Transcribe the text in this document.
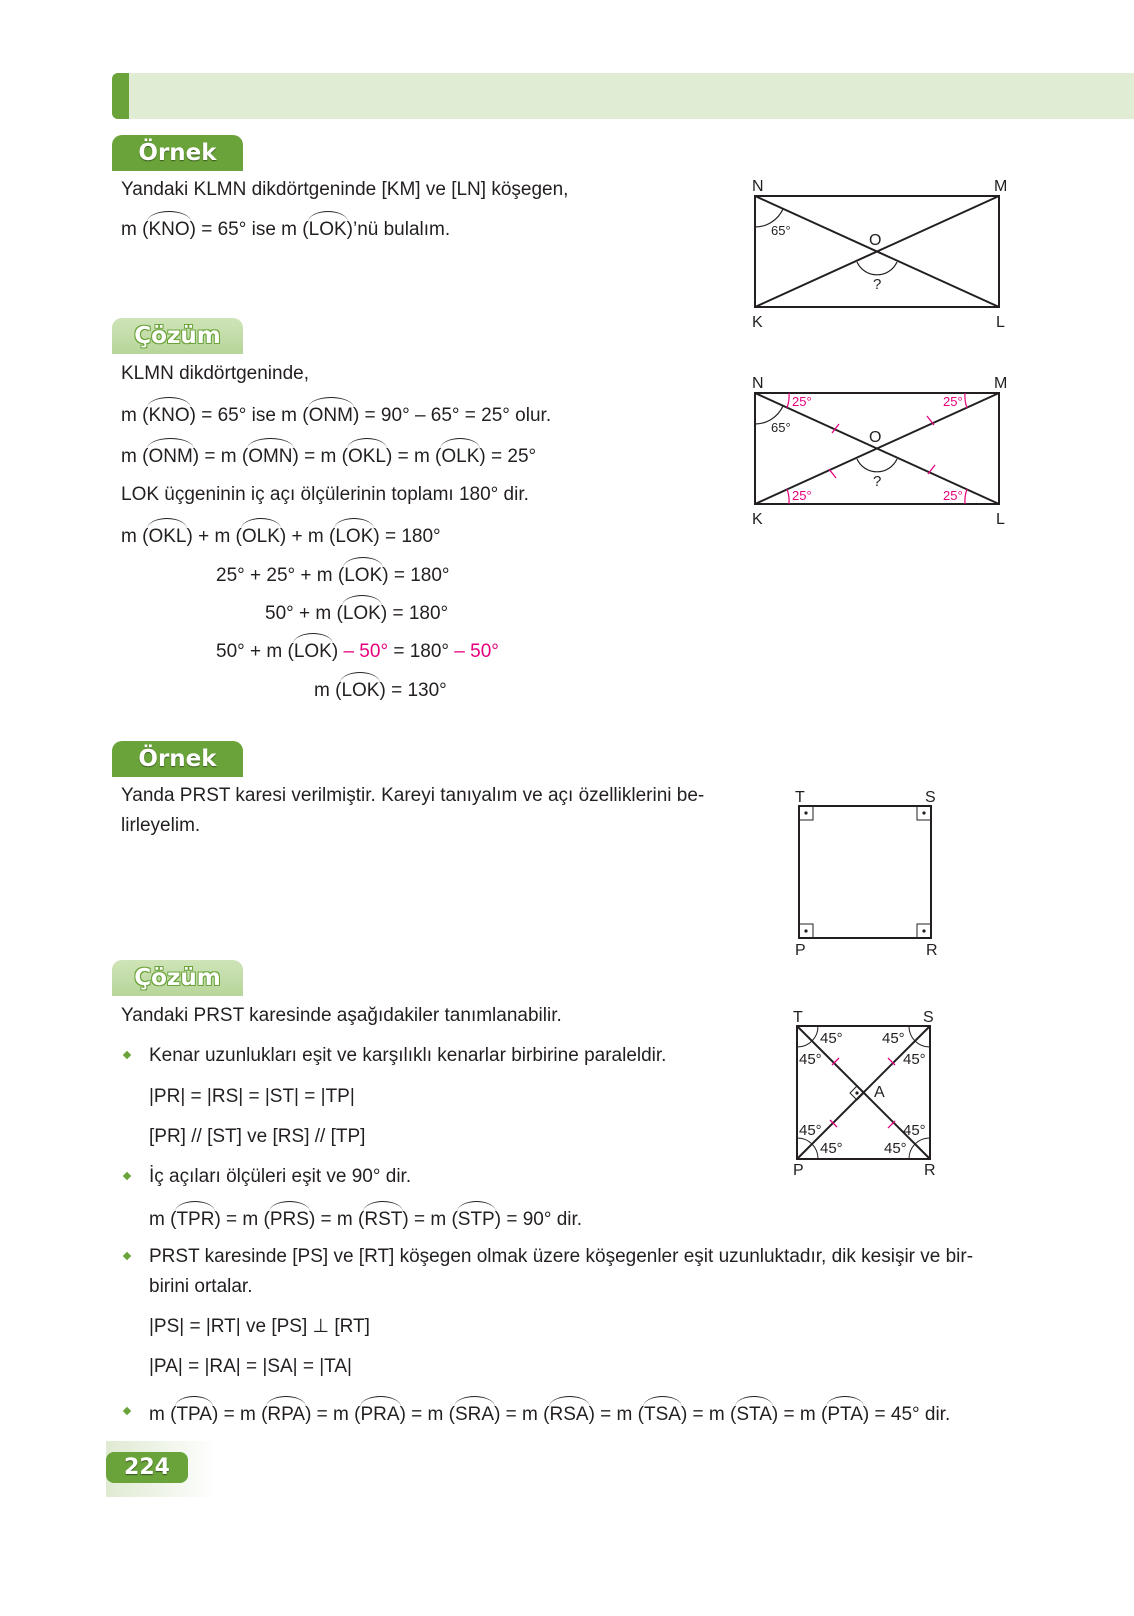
Örnek
Yandaki KLMN dikdörtgeninde [KM] ve [LN] köşegen,
m (KNO) = 65° ise m (LOK)’nü bulalım.
N	M
K	L
O
65°
?
Çözüm
KLMN dikdörtgeninde,
m (KNO) = 65° ise m (ONM) = 90° – 65° = 25° olur.
m (ONM) = m (OMN) = m (OKL) = m (OLK) = 25°
LOK üçgeninin iç açı ölçülerinin toplamı 180° dir.
m (OKL) + m (OLK) + m (LOK) = 180°
25° + 25° + m (LOK) = 180°
50° + m (LOK) = 180°
50° + m (LOK) – 50° = 180° – 50°
m (LOK) = 130°
N	M
K	L
O
65°
?
25°	25°
25°	25°
Örnek
Yanda PRST karesi verilmiştir. Kareyi tanıyalım ve açı özelliklerini be-
lirleyelim.
T	S
P	R
Çözüm
Yandaki PRST karesinde aşağıdakiler tanımlanabilir.
Kenar uzunlukları eşit ve karşılıklı kenarlar birbirine paraleldir.
|PR| = |RS| = |ST| = |TP|
[PR] // [ST] ve [RS] // [TP]
İç açıları ölçüleri eşit ve 90° dir.
m (TPR) = m (PRS) = m (RST) = m (STP) = 90° dir.
PRST karesinde [PS] ve [RT] köşegen olmak üzere köşegenler eşit uzunluktadır, dik kesişir ve bir-
birini ortalar.
|PS| = |RT| ve [PS] ⊥ [RT]
|PA| = |RA| = |SA| = |TA|
m (TPA) = m (RPA) = m (PRA) = m (SRA) = m (RSA) = m (TSA) = m (STA) = m (PTA) = 45° dir.
T	S
P	R
A
45°
45°
45°
45°
45°
45°
45°
45°
224
